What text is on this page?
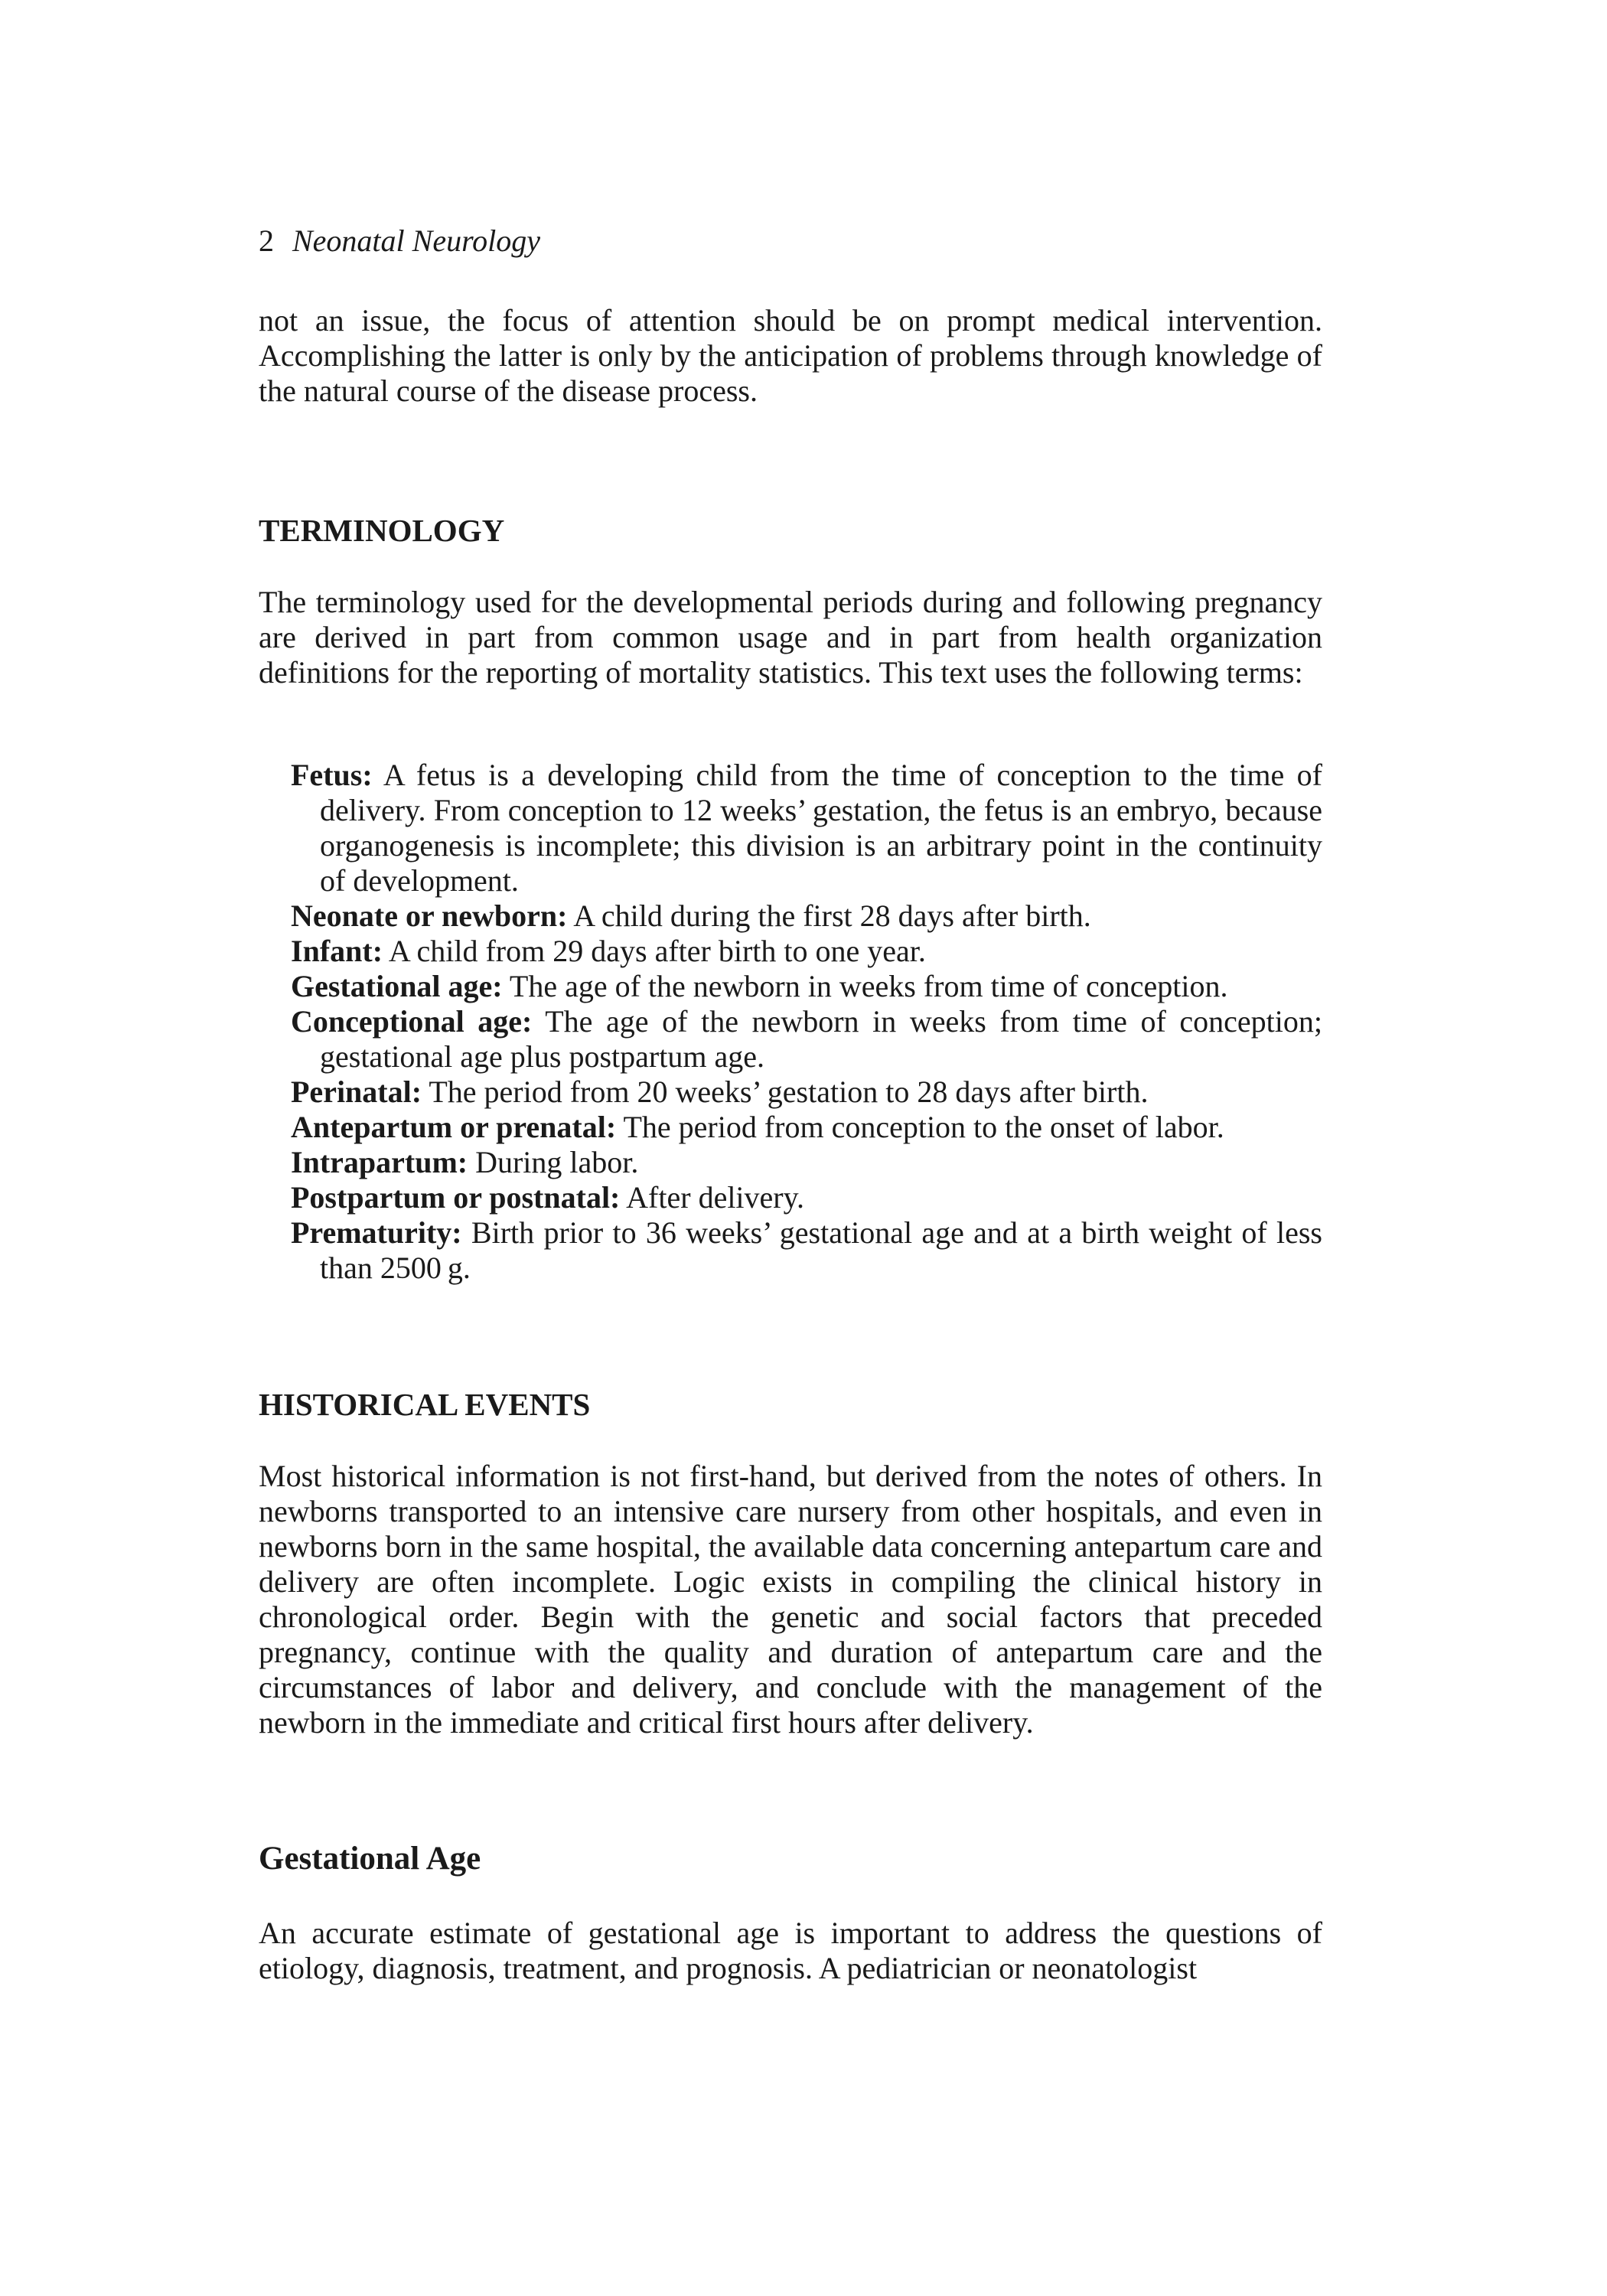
2 Neonatal Neurology

not an issue, the focus of attention should be on prompt medical intervention. Accomplishing the latter is only by the anticipation of problems through knowledge of the natural course of the disease process.

TERMINOLOGY

The terminology used for the developmental periods during and following pregnancy are derived in part from common usage and in part from health organization definitions for the reporting of mortality statistics. This text uses the following terms:

Fetus: A fetus is a developing child from the time of conception to the time of delivery. From conception to 12 weeks’ gestation, the fetus is an embryo, because organogenesis is incomplete; this division is an arbitrary point in the continuity of development.
Neonate or newborn: A child during the first 28 days after birth.
Infant: A child from 29 days after birth to one year.
Gestational age: The age of the newborn in weeks from time of conception.
Conceptional age: The age of the newborn in weeks from time of conception; gestational age plus postpartum age.
Perinatal: The period from 20 weeks’ gestation to 28 days after birth.
Antepartum or prenatal: The period from conception to the onset of labor.
Intrapartum: During labor.
Postpartum or postnatal: After delivery.
Prematurity: Birth prior to 36 weeks’ gestational age and at a birth weight of less than 2500 g.
HISTORICAL EVENTS

Most historical information is not first-hand, but derived from the notes of others. In newborns transported to an intensive care nursery from other hospitals, and even in newborns born in the same hospital, the available data concerning antepartum care and delivery are often incomplete. Logic exists in compiling the clinical history in chronological order. Begin with the genetic and social factors that preceded pregnancy, continue with the quality and duration of antepartum care and the circumstances of labor and delivery, and conclude with the management of the newborn in the immediate and critical first hours after delivery.

Gestational Age

An accurate estimate of gestational age is important to address the questions of etiology, diagnosis, treatment, and prognosis. A pediatrician or neonatologist
